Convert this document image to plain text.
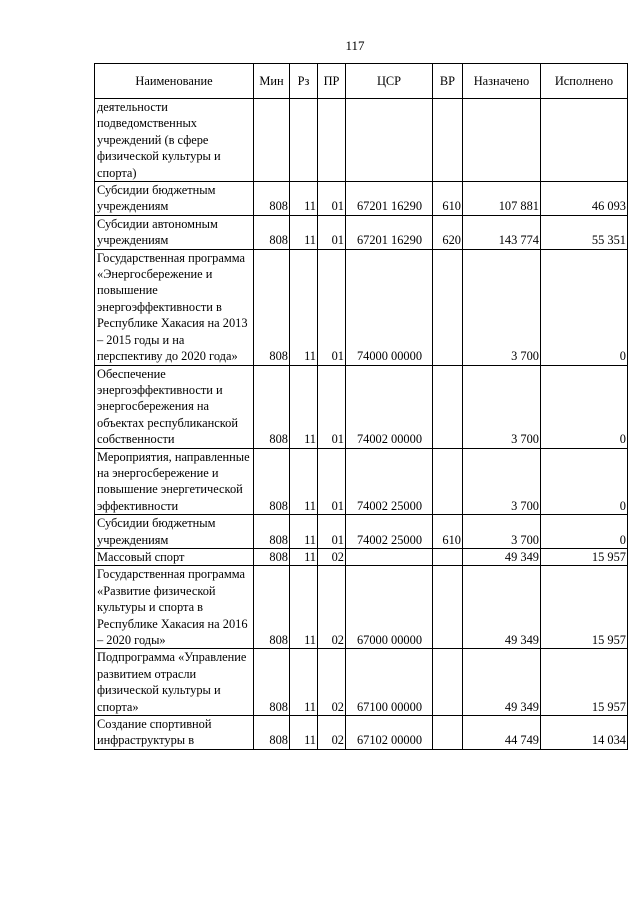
117
Наименование	Мин	Рз	ПР	ЦСР	ВР	Назначено	Исполнено
деятельности подведомственных учреждений (в сфере физической культуры и спорта)							
Субсидии бюджетным учреждениям	808	11	01	67201 16290	610	107 881	46 093
Субсидии автономным учреждениям	808	11	01	67201 16290	620	143 774	55 351
Государственная программа «Энергосбережение и повышение энергоэффективности в Республике Хакасия на 2013 – 2015 годы и на перспективу до 2020 года»	808	11	01	74000 00000		3 700	0
Обеспечение энергоэффективности и энергосбережения на объектах республиканской собственности	808	11	01	74002 00000		3 700	0
Мероприятия, направленные на энергосбережение и повышение энергетической эффективности	808	11	01	74002 25000		3 700	0
Субсидии бюджетным учреждениям	808	11	01	74002 25000	610	3 700	0
Массовый спорт	808	11	02			49 349	15 957
Государственная программа «Развитие физической культуры и спорта в Республике Хакасия на 2016 – 2020 годы»	808	11	02	67000 00000		49 349	15 957
Подпрограмма «Управление развитием отрасли физической культуры и спорта»	808	11	02	67100 00000		49 349	15 957
Создание спортивной инфраструктуры в	808	11	02	67102 00000		44 749	14 034
